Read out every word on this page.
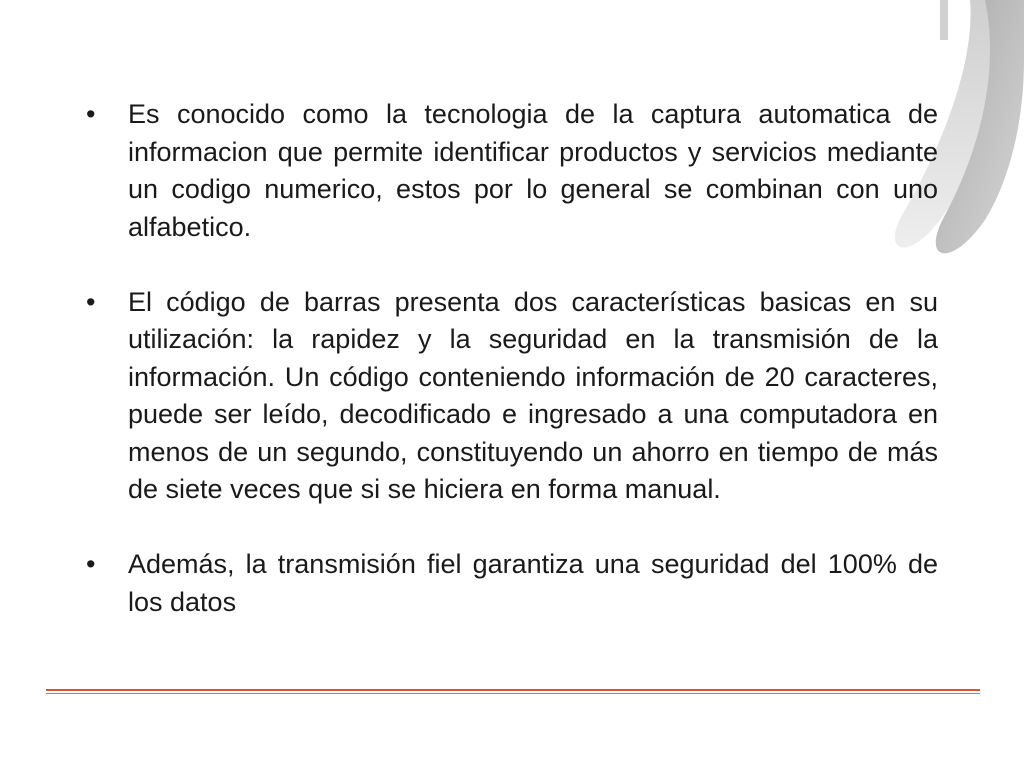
• Es conocido como la tecnologia de la captura automatica de informacion que permite identificar productos y servicios mediante un codigo numerico, estos por lo general se combinan con uno alfabetico.
• El código de barras presenta dos características basicas en su utilización: la rapidez y la seguridad en la transmisión de la información. Un código conteniendo información de 20 caracteres, puede ser leído, decodificado e ingresado a una computadora en menos de un segundo, constituyendo un ahorro en tiempo de más de siete veces que si se hiciera en forma manual.
• Además, la transmisión fiel garantiza una seguridad del 100% de los datos
